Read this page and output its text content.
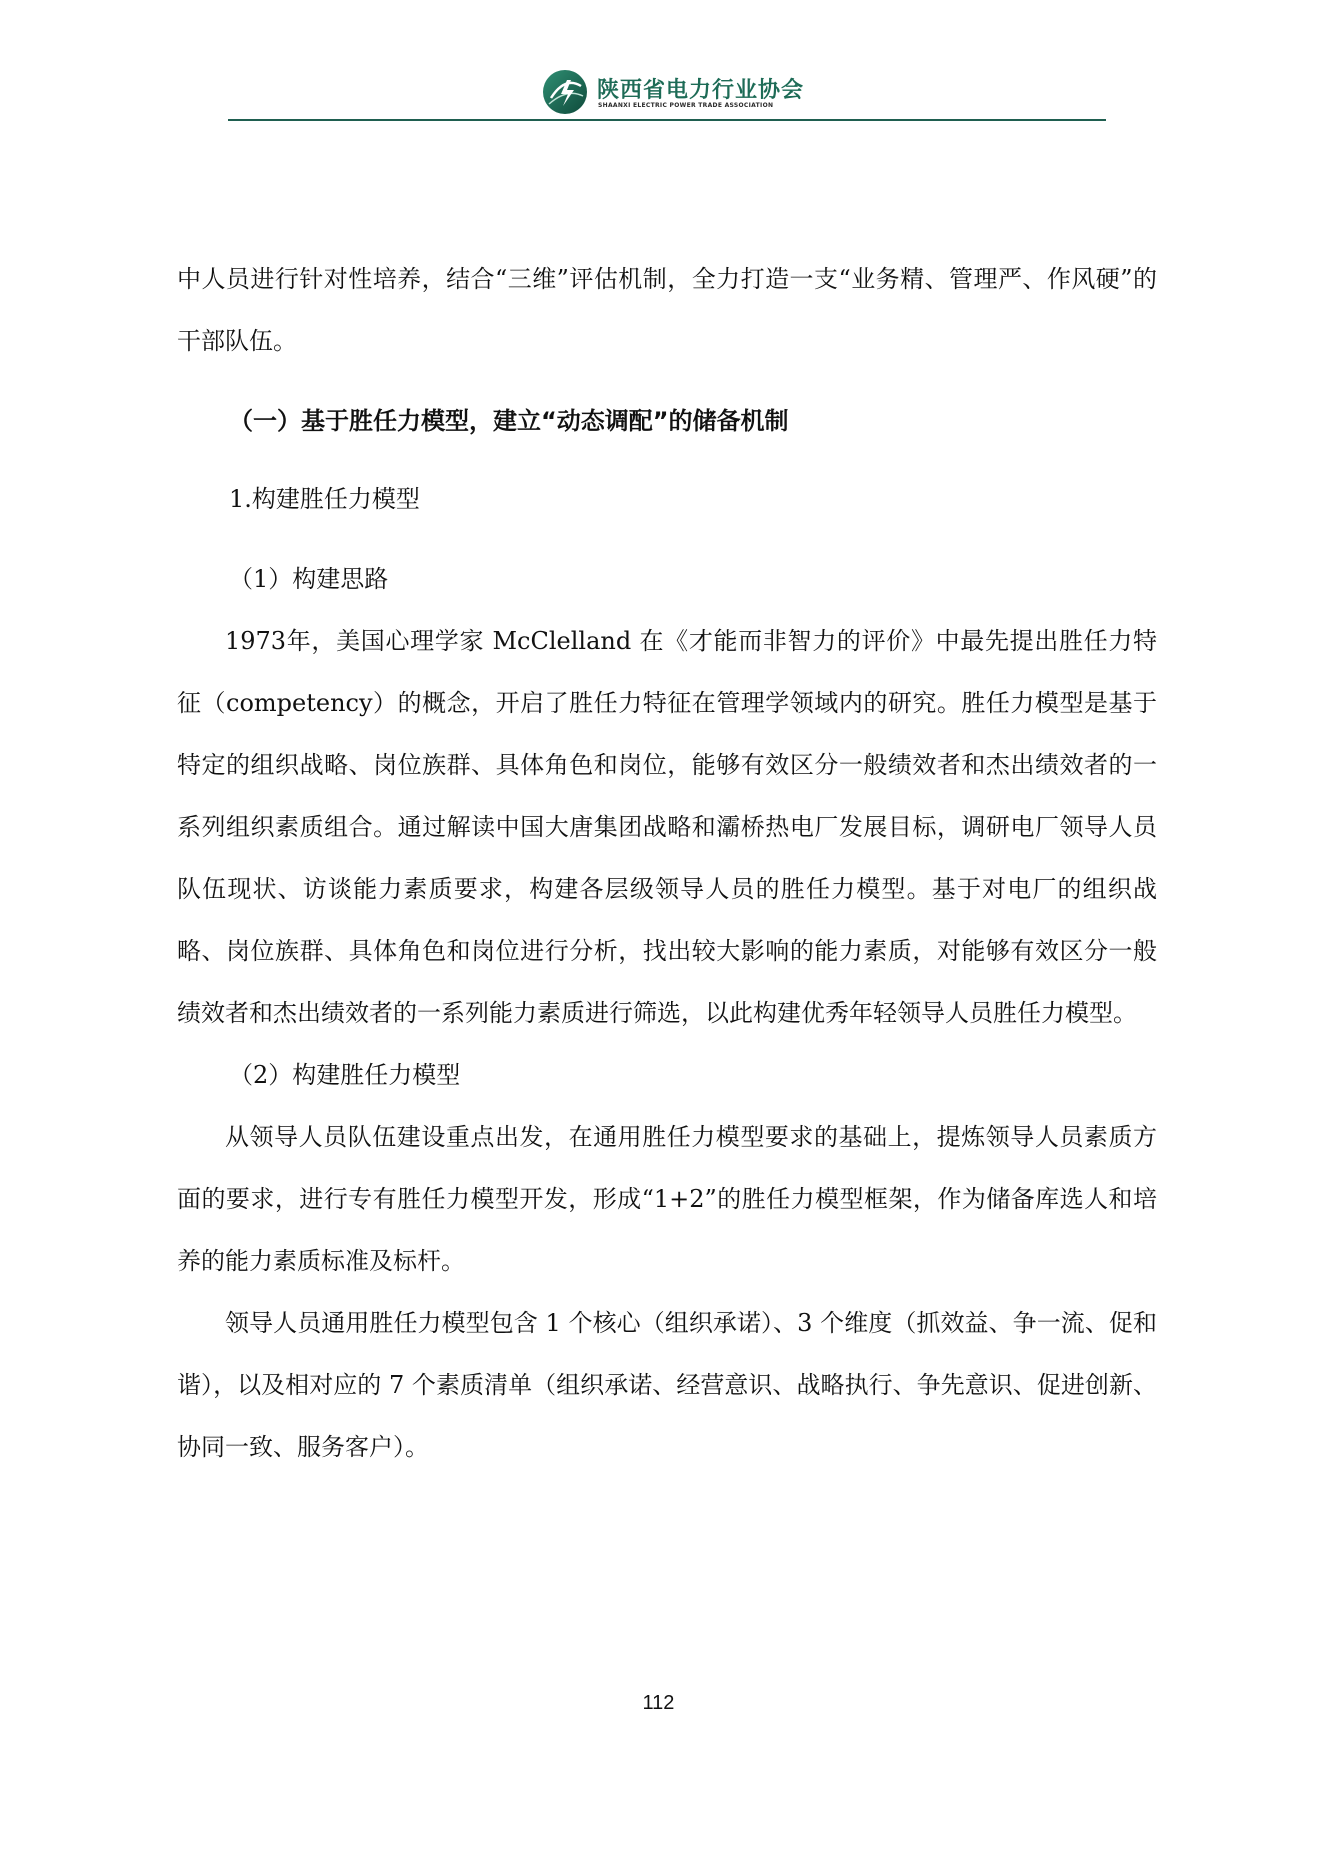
陕西省电力行业协会
SHAANXI ELECTRIC POWER TRADE ASSOCIATION

中人员进行针对性培养，结合“三维”评估机制，全力打造一支“业务精、管理严、作风硬”的干部队伍。

（一）基于胜任力模型，建立“动态调配”的储备机制
1.构建胜任力模型
（1）构建思路

1973年，美国心理学家 McClelland 在《才能而非智力的评价》中最先提出胜任力特征（competency）的概念，开启了胜任力特征在管理学领域内的研究。胜任力模型是基于特定的组织战略、岗位族群、具体角色和岗位，能够有效区分一般绩效者和杰出绩效者的一系列组织素质组合。通过解读中国大唐集团战略和灞桥热电厂发展目标，调研电厂领导人员队伍现状、访谈能力素质要求，构建各层级领导人员的胜任力模型。基于对电厂的组织战略、岗位族群、具体角色和岗位进行分析，找出较大影响的能力素质，对能够有效区分一般绩效者和杰出绩效者的一系列能力素质进行筛选，以此构建优秀年轻领导人员胜任力模型。

（2）构建胜任力模型

从领导人员队伍建设重点出发，在通用胜任力模型要求的基础上，提炼领导人员素质方面的要求，进行专有胜任力模型开发，形成“1+2”的胜任力模型框架，作为储备库选人和培养的能力素质标准及标杆。

领导人员通用胜任力模型包含 1 个核心（组织承诺）、3 个维度（抓效益、争一流、促和谐），以及相对应的 7 个素质清单（组织承诺、经营意识、战略执行、争先意识、促进创新、协同一致、服务客户）。

112
